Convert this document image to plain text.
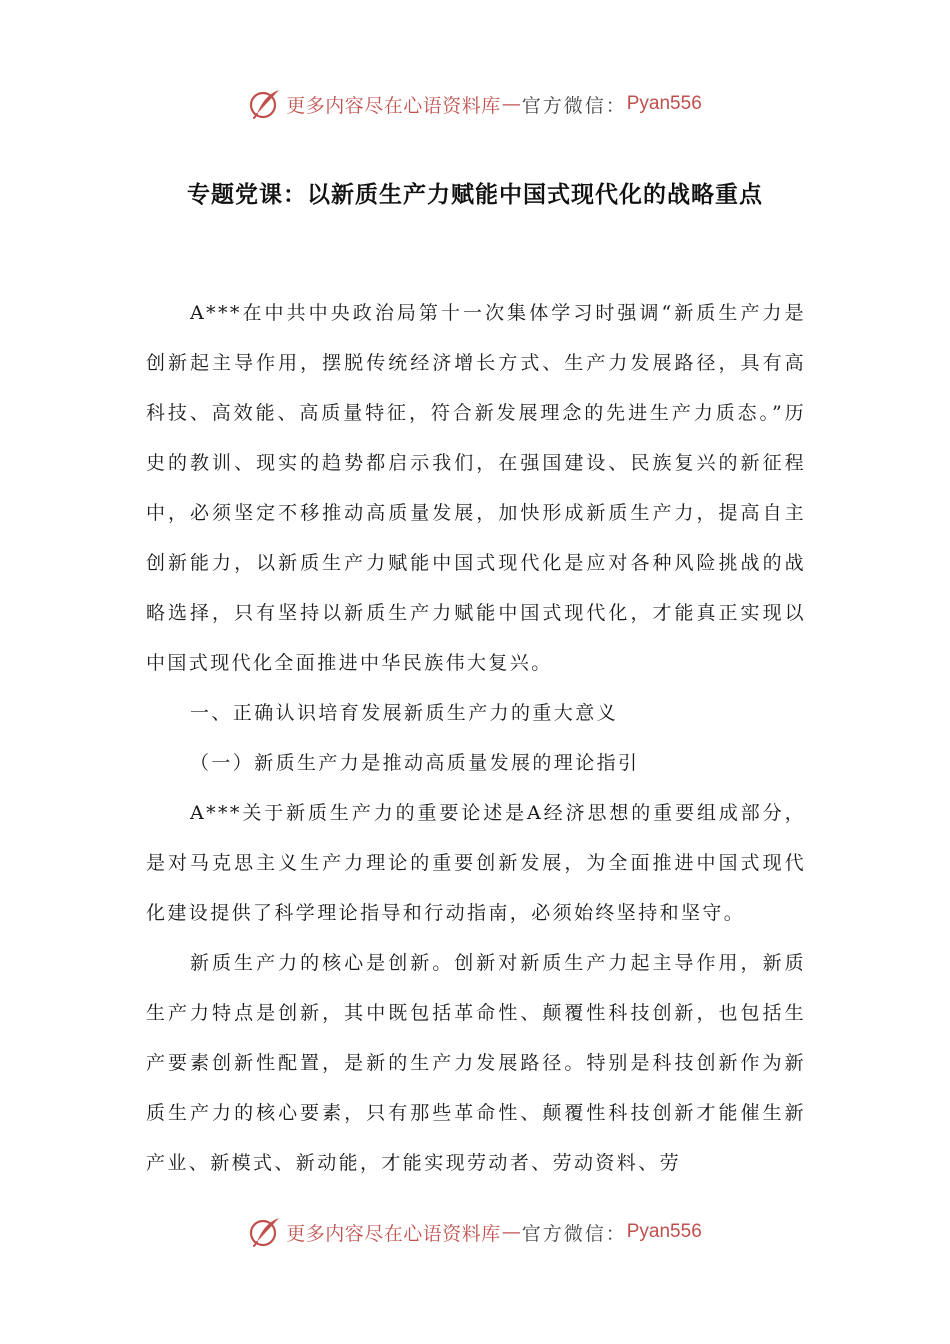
更多内容尽在心语资料库 — 官方微信： Pyan556
专题党课：以新质生产力赋能中国式现代化的战略重点

A***在中共中央政治局第十一次集体学习时强调“新质生产力是创新起主导作用，摆脱传统经济增长方式、生产力发展路径，具有高科技、高效能、高质量特征，符合新发展理念的先进生产力质态。”历史的教训、现实的趋势都启示我们，在强国建设、民族复兴的新征程中，必须坚定不移推动高质量发展，加快形成新质生产力，提高自主创新能力，以新质生产力赋能中国式现代化是应对各种风险挑战的战略选择，只有坚持以新质生产力赋能中国式现代化，才能真正实现以中国式现代化全面推进中华民族伟大复兴。

一、正确认识培育发展新质生产力的重大意义

（一）新质生产力是推动高质量发展的理论指引

A***关于新质生产力的重要论述是A经济思想的重要组成部分，是对马克思主义生产力理论的重要创新发展，为全面推进中国式现代化建设提供了科学理论指导和行动指南，必须始终坚持和坚守。

新质生产力的核心是创新。创新对新质生产力起主导作用，新质生产力特点是创新，其中既包括革命性、颠覆性科技创新，也包括生产要素创新性配置，是新的生产力发展路径。特别是科技创新作为新质生产力的核心要素，只有那些革命性、颠覆性科技创新才能催生新产业、新模式、新动能，才能实现劳动者、劳动资料、劳

更多内容尽在心语资料库 — 官方微信： Pyan556
